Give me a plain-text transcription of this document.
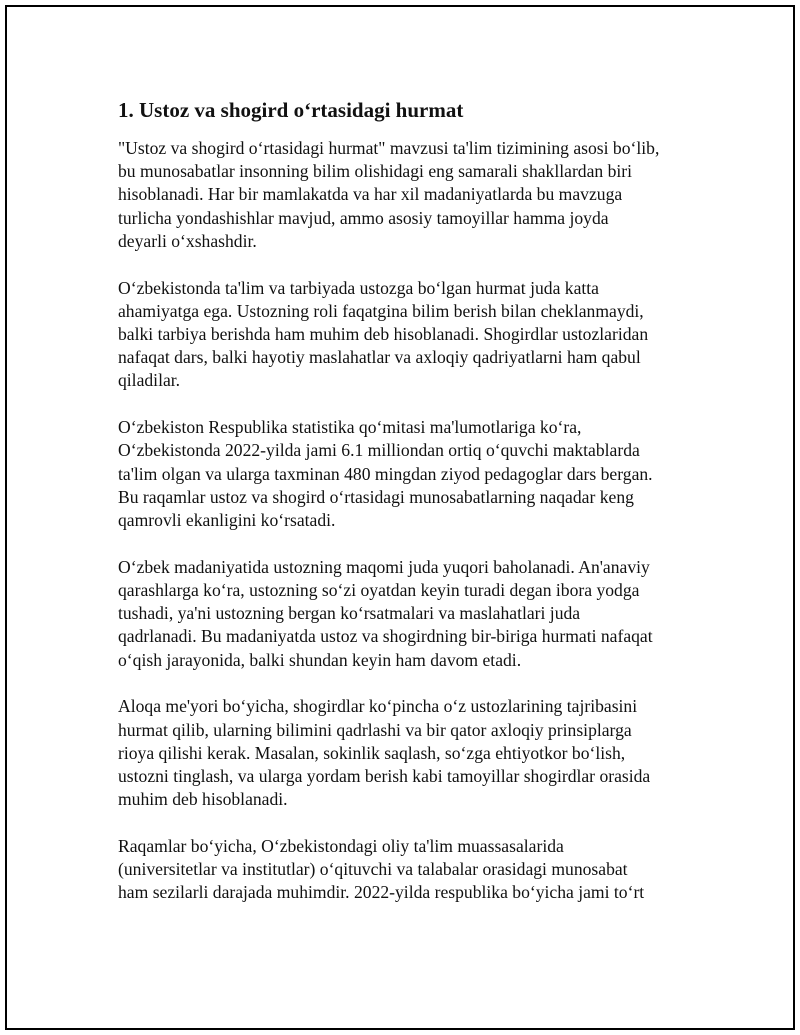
1. Ustoz va shogird o‘rtasidagi hurmat

"Ustoz va shogird o‘rtasidagi hurmat" mavzusi ta'lim tizimining asosi bo‘lib,
bu munosabatlar insonning bilim olishidagi eng samarali shakllardan biri
hisoblanadi. Har bir mamlakatda va har xil madaniyatlarda bu mavzuga
turlicha yondashishlar mavjud, ammo asosiy tamoyillar hamma joyda
deyarli o‘xshashdir.

O‘zbekistonda ta'lim va tarbiyada ustozga bo‘lgan hurmat juda katta
ahamiyatga ega. Ustozning roli faqatgina bilim berish bilan cheklanmaydi,
balki tarbiya berishda ham muhim deb hisoblanadi. Shogirdlar ustozlaridan
nafaqat dars, balki hayotiy maslahatlar va axloqiy qadriyatlarni ham qabul
qiladilar.

O‘zbekiston Respublika statistika qo‘mitasi ma'lumotlariga ko‘ra,
O‘zbekistonda 2022-yilda jami 6.1 milliondan ortiq o‘quvchi maktablarda
ta'lim olgan va ularga taxminan 480 mingdan ziyod pedagoglar dars bergan.
Bu raqamlar ustoz va shogird o‘rtasidagi munosabatlarning naqadar keng
qamrovli ekanligini ko‘rsatadi.

O‘zbek madaniyatida ustozning maqomi juda yuqori baholanadi. An'anaviy
qarashlarga ko‘ra, ustozning so‘zi oyatdan keyin turadi degan ibora yodga
tushadi, ya'ni ustozning bergan ko‘rsatmalari va maslahatlari juda
qadrlanadi. Bu madaniyatda ustoz va shogirdning bir-biriga hurmati nafaqat
o‘qish jarayonida, balki shundan keyin ham davom etadi.

Aloqa me'yori bo‘yicha, shogirdlar ko‘pincha o‘z ustozlarining tajribasini
hurmat qilib, ularning bilimini qadrlashi va bir qator axloqiy prinsiplarga
rioya qilishi kerak. Masalan, sokinlik saqlash, so‘zga ehtiyotkor bo‘lish,
ustozni tinglash, va ularga yordam berish kabi tamoyillar shogirdlar orasida
muhim deb hisoblanadi.

Raqamlar bo‘yicha, O‘zbekistondagi oliy ta'lim muassasalarida
(universitetlar va institutlar) o‘qituvchi va talabalar orasidagi munosabat
ham sezilarli darajada muhimdir. 2022-yilda respublika bo‘yicha jami to‘rt
